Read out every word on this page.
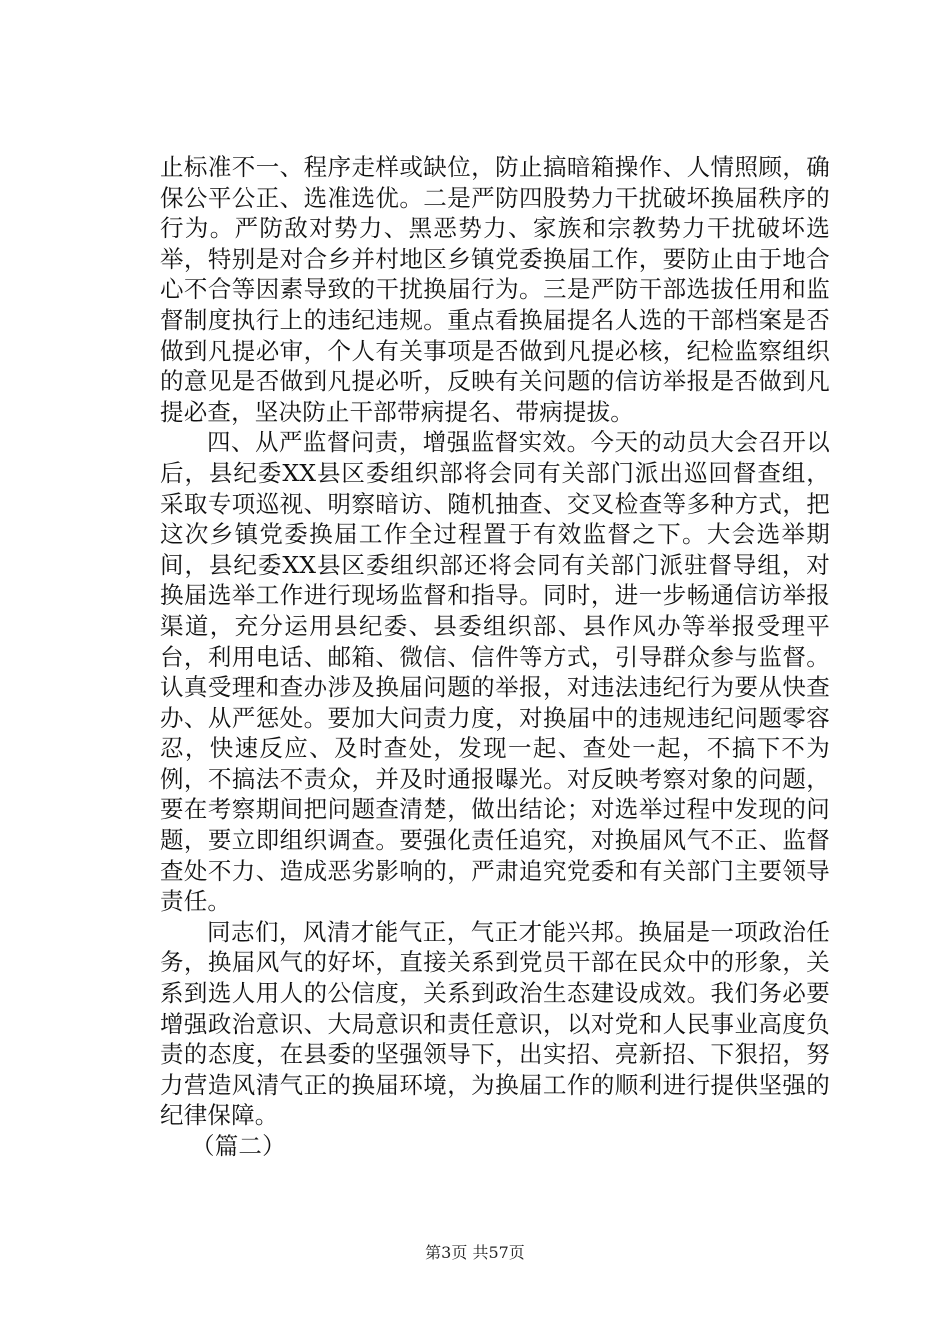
止标准不一、程序走样或缺位，防止搞暗箱操作、人情照顾，确保公平公正、选准选优。二是严防四股势力干扰破坏换届秩序的行为。严防敌对势力、黑恶势力、家族和宗教势力干扰破坏选举，特别是对合乡并村地区乡镇党委换届工作，要防止由于地合心不合等因素导致的干扰换届行为。三是严防干部选拔任用和监督制度执行上的违纪违规。重点看换届提名人选的干部档案是否做到凡提必审，个人有关事项是否做到凡提必核，纪检监察组织的意见是否做到凡提必听，反映有关问题的信访举报是否做到凡提必查，坚决防止干部带病提名、带病提拔。

四、从严监督问责，增强监督实效。今天的动员大会召开以后，县纪委XX县区委组织部将会同有关部门派出巡回督查组，采取专项巡视、明察暗访、随机抽查、交叉检查等多种方式，把这次乡镇党委换届工作全过程置于有效监督之下。大会选举期间，县纪委XX县区委组织部还将会同有关部门派驻督导组，对换届选举工作进行现场监督和指导。同时，进一步畅通信访举报渠道，充分运用县纪委、县委组织部、县作风办等举报受理平台，利用电话、邮箱、微信、信件等方式，引导群众参与监督。认真受理和查办涉及换届问题的举报，对违法违纪行为要从快查办、从严惩处。要加大问责力度，对换届中的违规违纪问题零容忍，快速反应、及时查处，发现一起、查处一起，不搞下不为例，不搞法不责众，并及时通报曝光。对反映考察对象的问题，要在考察期间把问题查清楚，做出结论；对选举过程中发现的问题，要立即组织调查。要强化责任追究，对换届风气不正、监督查处不力、造成恶劣影响的，严肃追究党委和有关部门主要领导责任。

同志们，风清才能气正，气正才能兴邦。换届是一项政治任务，换届风气的好坏，直接关系到党员干部在民众中的形象，关系到选人用人的公信度，关系到政治生态建设成效。我们务必要增强政治意识、大局意识和责任意识，以对党和人民事业高度负责的态度，在县委的坚强领导下，出实招、亮新招、下狠招，努力营造风清气正的换届环境，为换届工作的顺利进行提供坚强的纪律保障。

（篇二）

第3页 共57页
